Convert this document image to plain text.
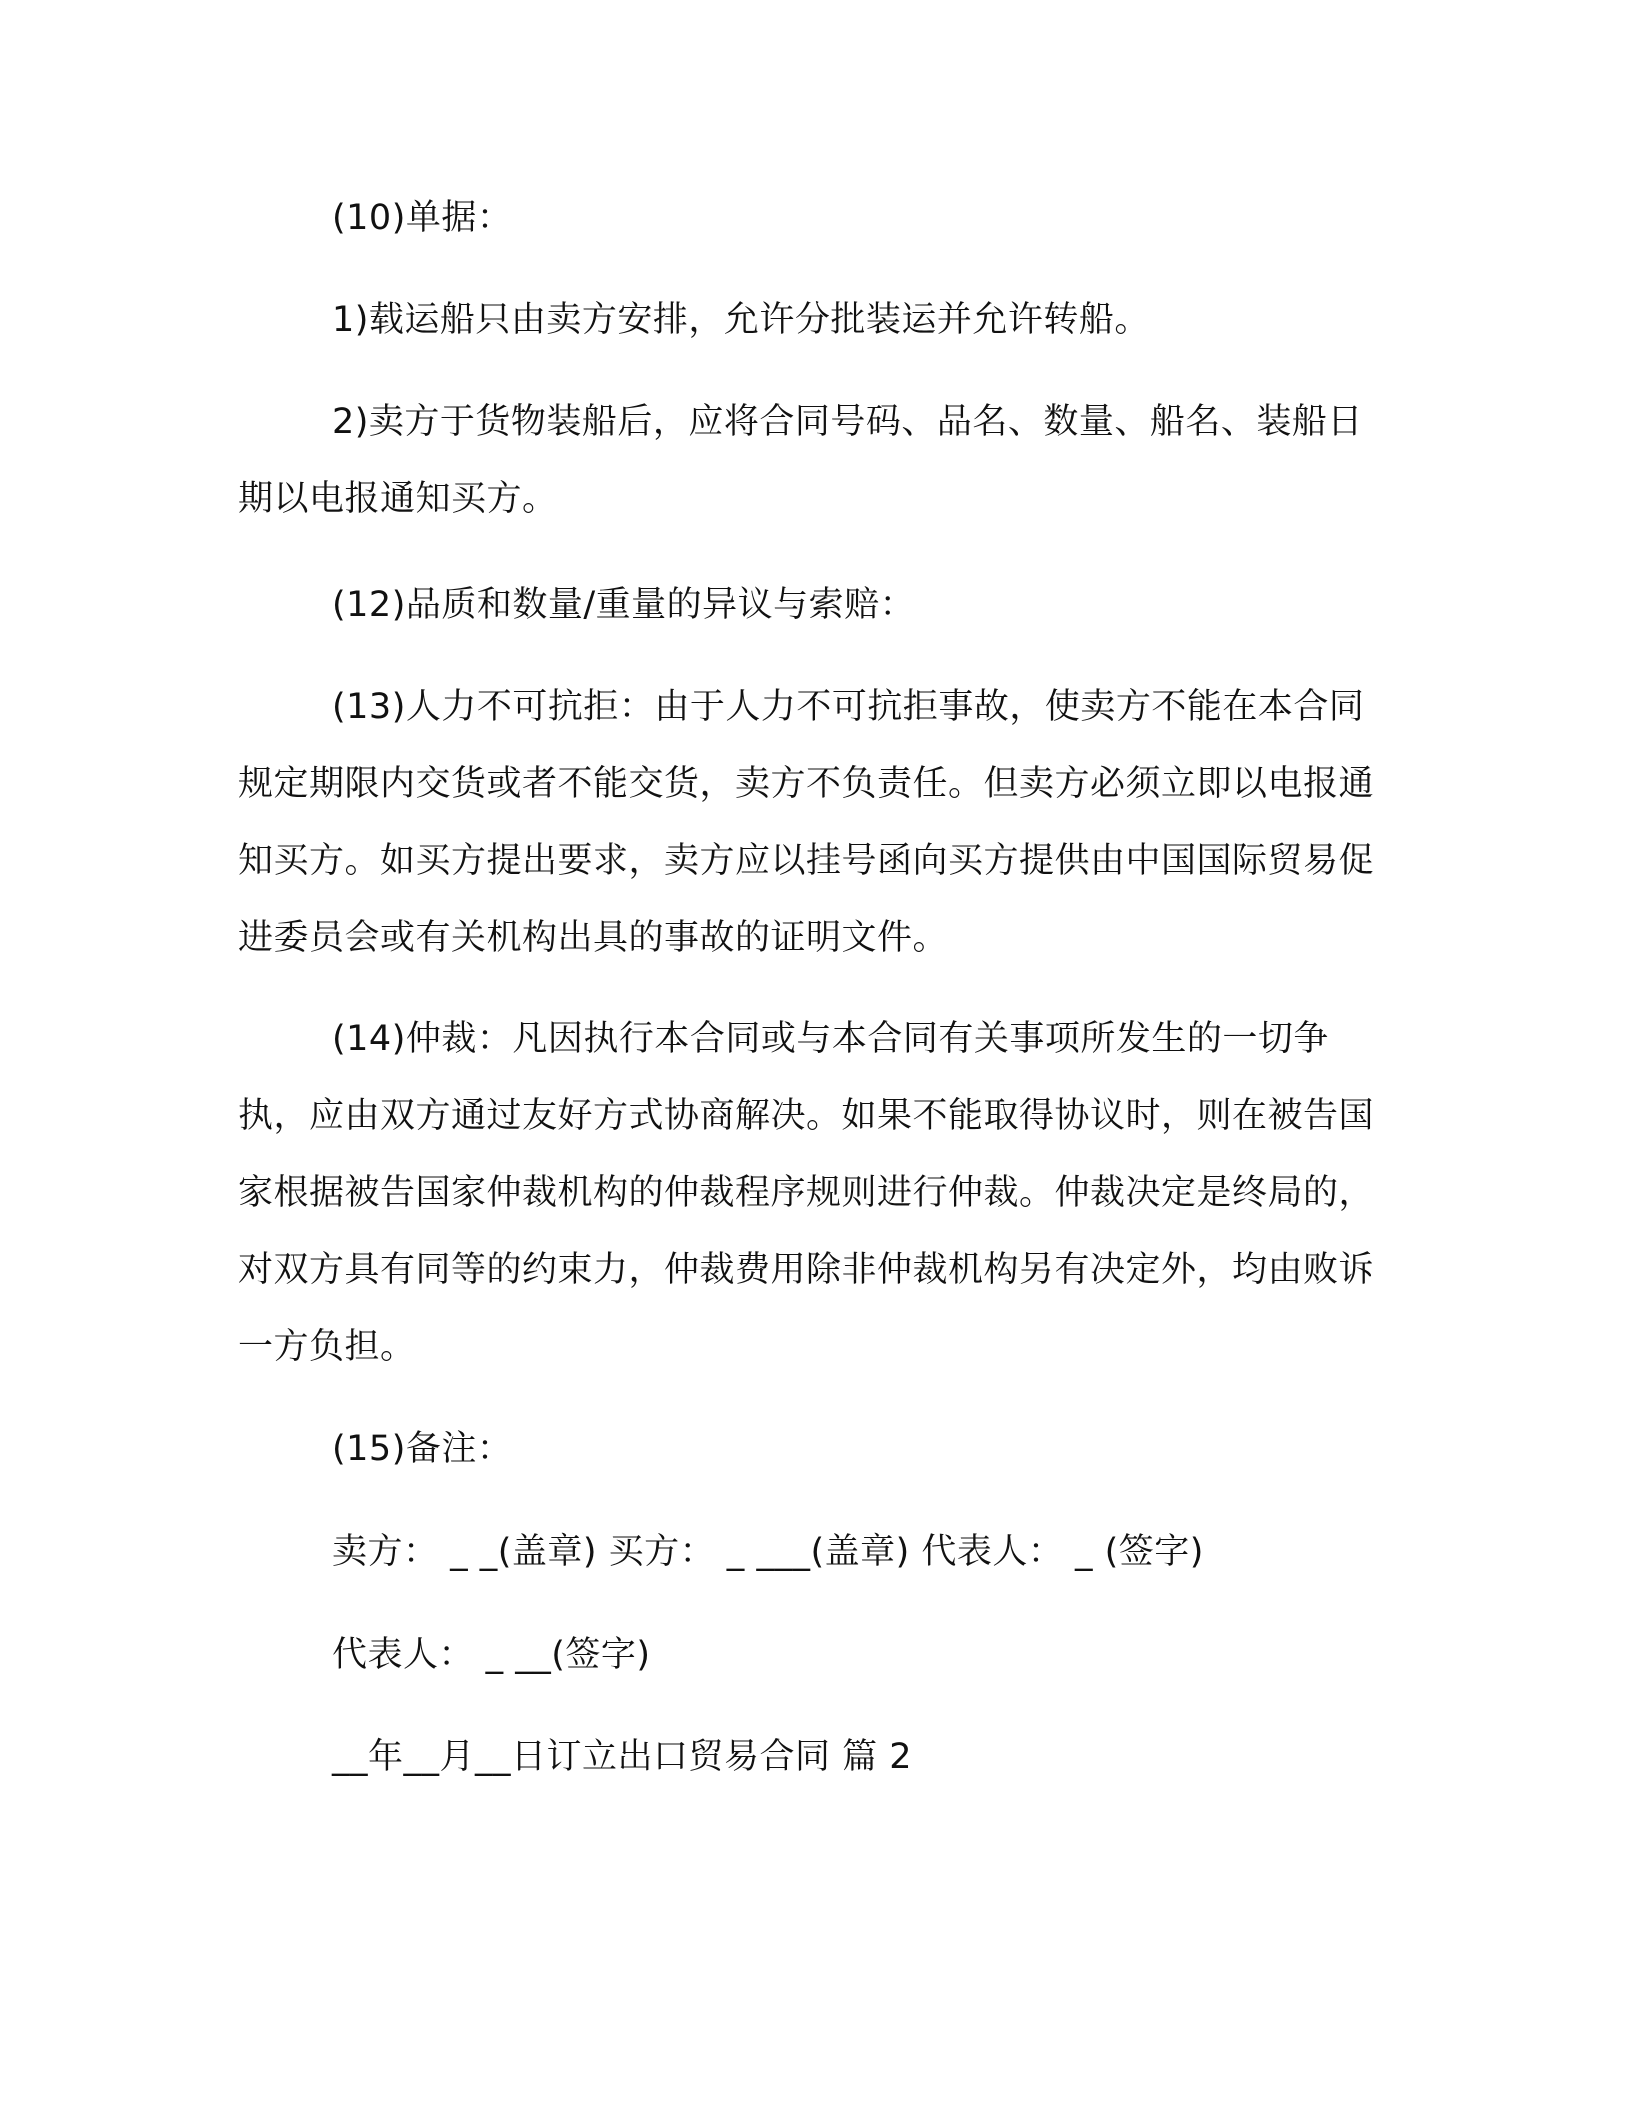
(10)单据：

1)载运船只由卖方安排，允许分批装运并允许转船。

2)卖方于货物装船后，应将合同号码、品名、数量、船名、装船日期以电报通知买方。

(12)品质和数量/重量的异议与索赔：

(13)人力不可抗拒：由于人力不可抗拒事故，使卖方不能在本合同规定期限内交货或者不能交货，卖方不负责任。但卖方必须立即以电报通知买方。如买方提出要求，卖方应以挂号函向买方提供由中国国际贸易促进委员会或有关机构出具的事故的证明文件。

(14)仲裁：凡因执行本合同或与本合同有关事项所发生的一切争执，应由双方通过友好方式协商解决。如果不能取得协议时，则在被告国家根据被告国家仲裁机构的仲裁程序规则进行仲裁。仲裁决定是终局的，对双方具有同等的约束力，仲裁费用除非仲裁机构另有决定外，均由败诉一方负担。

(15)备注：

卖方： _ _(盖章) 买方： _ ___(盖章) 代表人： _ (签字)

代表人： _ __(签字)

__年__月__日订立出口贸易合同 篇 2
